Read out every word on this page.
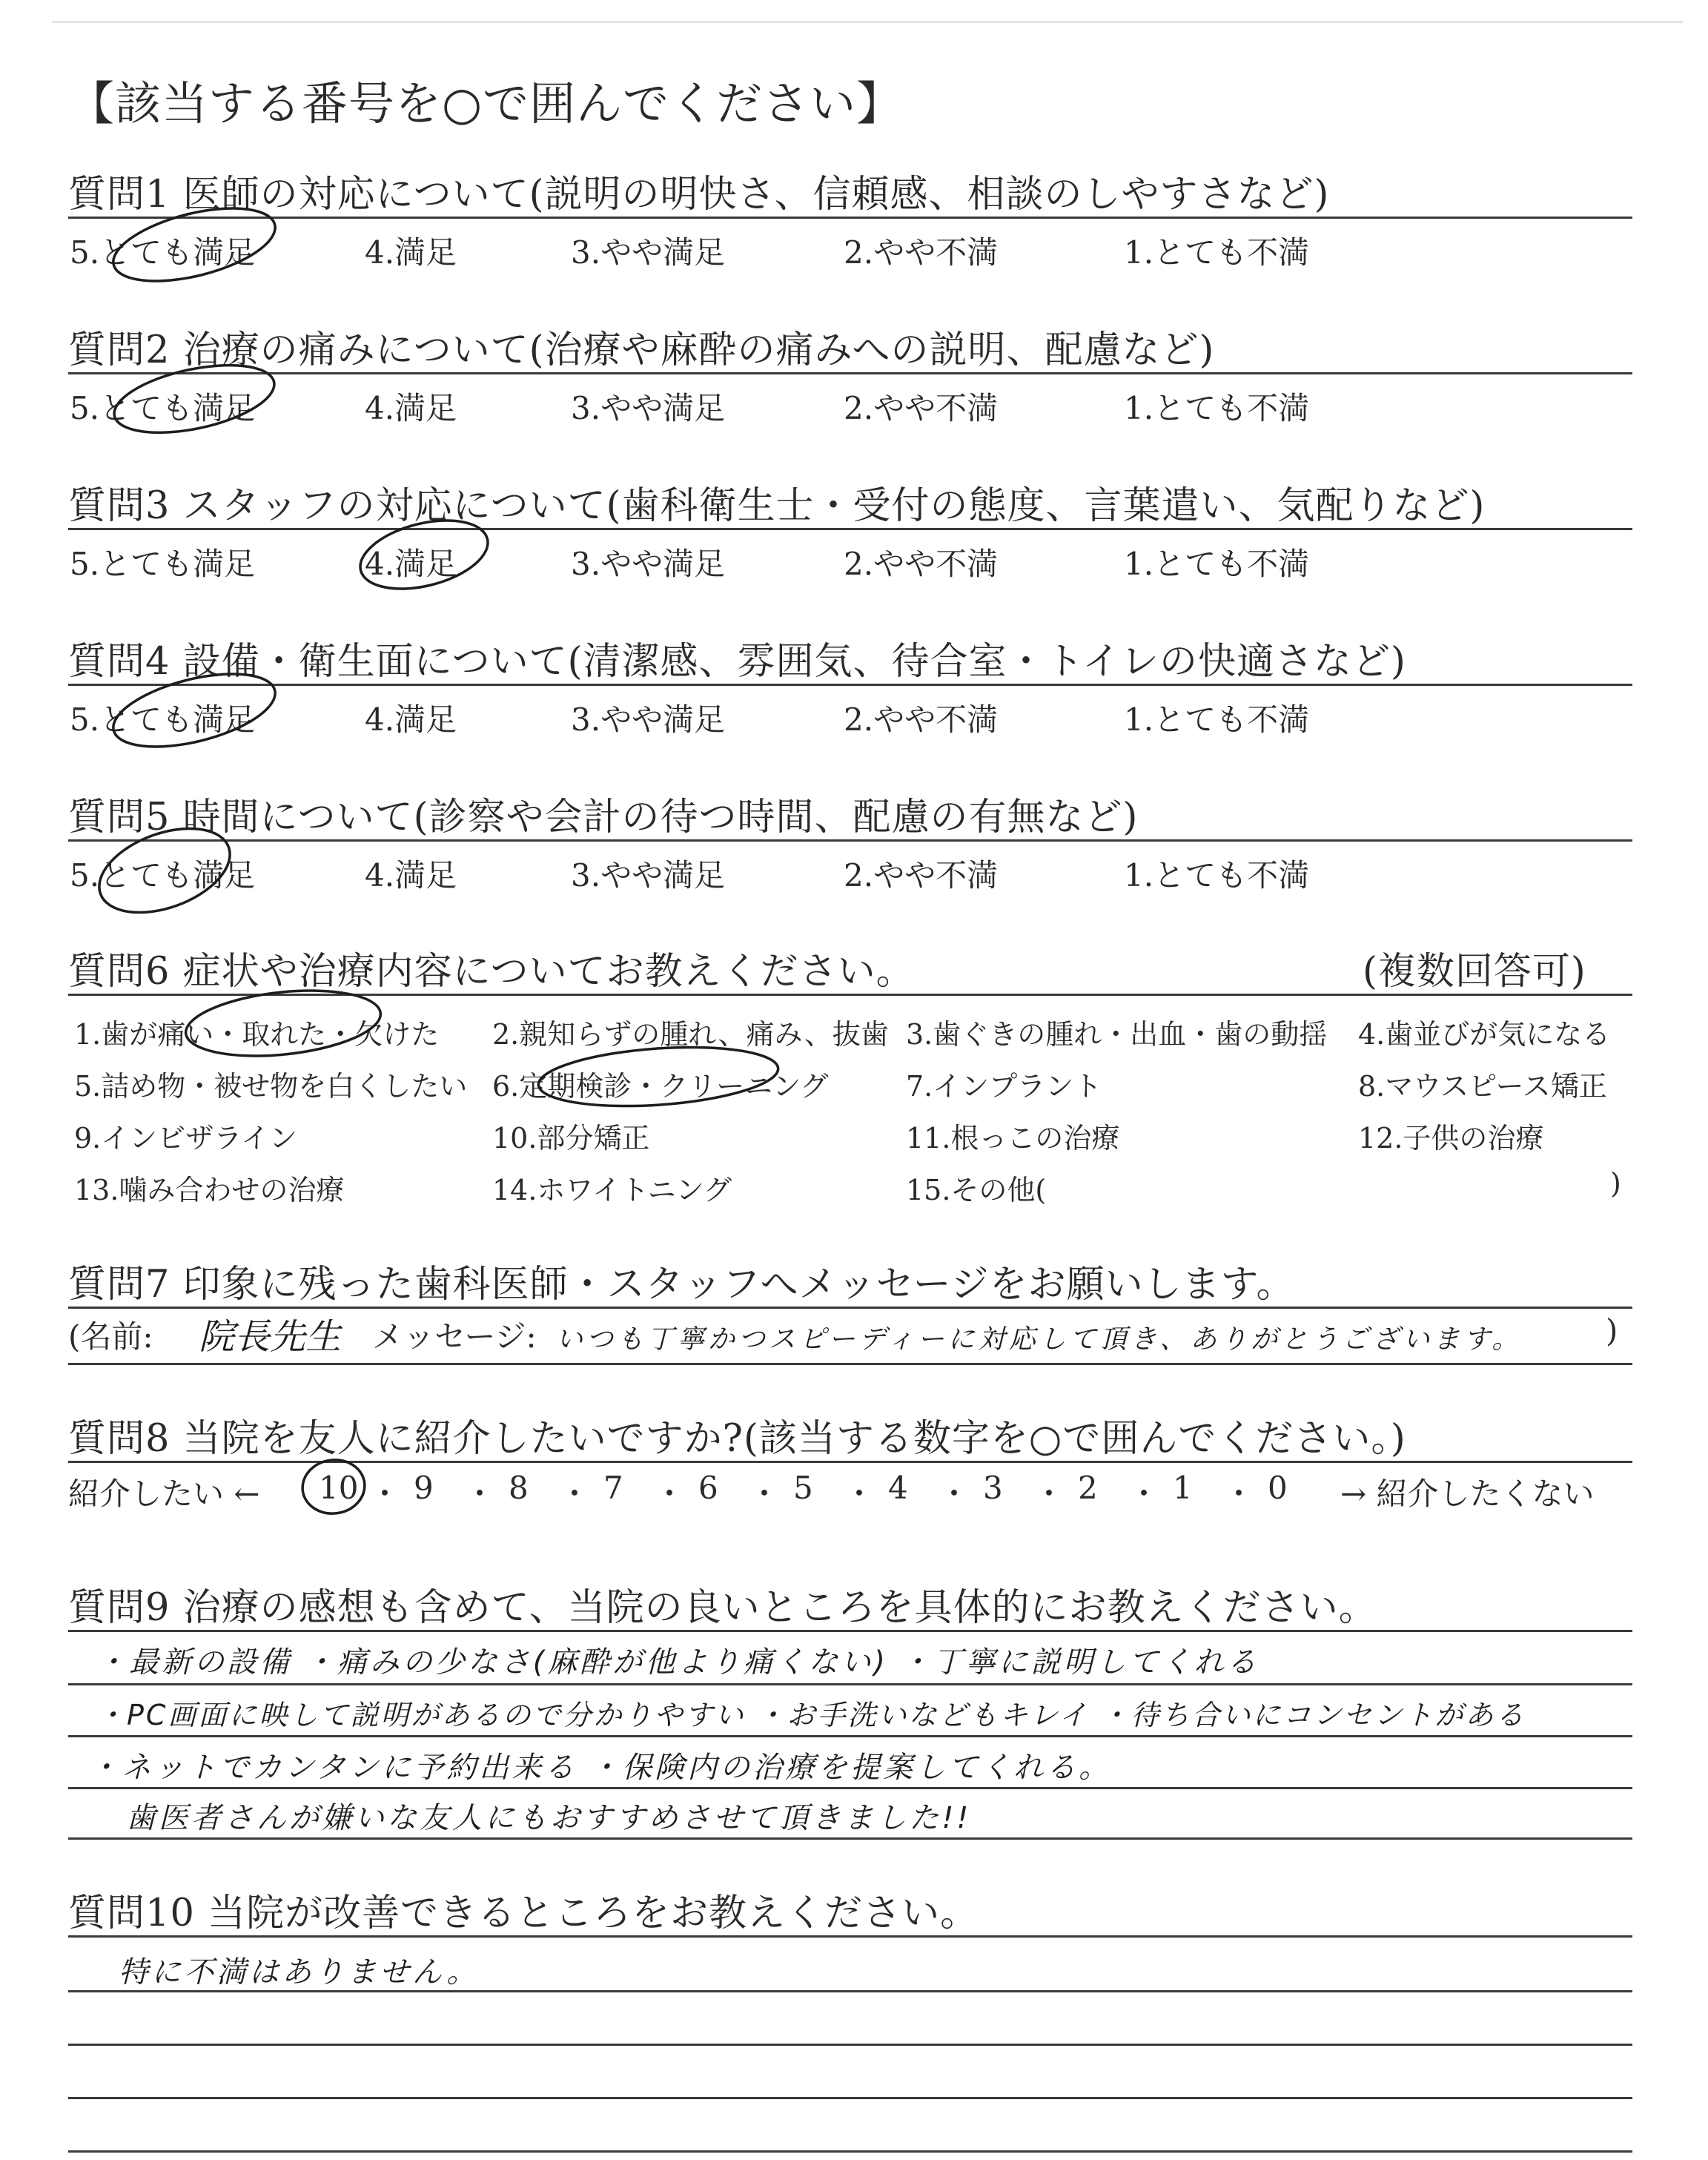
【該当する番号を○で囲んでください】
質問1 医師の対応について(説明の明快さ、信頼感、相談のしやすさなど)
5.とても満足	4.満足	3.やや満足	2.やや不満	1.とても不満
質問2 治療の痛みについて(治療や麻酔の痛みへの説明、配慮など)
5.とても満足	4.満足	3.やや満足	2.やや不満	1.とても不満
質問3 スタッフの対応について(歯科衛生士・受付の態度、言葉遣い、気配りなど)
5.とても満足	4.満足	3.やや満足	2.やや不満	1.とても不満
質問4 設備・衛生面について(清潔感、雰囲気、待合室・トイレの快適さなど)
5.とても満足	4.満足	3.やや満足	2.やや不満	1.とても不満
質問5 時間について(診察や会計の待つ時間、配慮の有無など)
5.とても満足	4.満足	3.やや満足	2.やや不満	1.とても不満
質問6 症状や治療内容についてお教えください。	(複数回答可)
1.歯が痛い・取れた・欠けた 2.親知らずの腫れ、痛み、抜歯 3.歯ぐきの腫れ・出血・歯の動揺 4.歯並びが気になる
5.詰め物・被せ物を白くしたい 6.定期検診・クリーニング	7.インプラント	8.マウスピース矯正
9.インビザライン	10.部分矯正	11.根っこの治療	12.子供の治療
13.噛み合わせの治療	14.ホワイトニング	15.その他(	)
質問7 印象に残った歯科医師・スタッフへメッセージをお願いします。
(名前: 院長先生 メッセージ: いつも丁寧かつスピーディーに対応して頂き、ありがとうございます。	)
質問8 当院を友人に紹介したいですか?(該当する数字を○で囲んでください。)
紹介したい ← 10 ・ 9 ・ 8 ・ 7 ・ 6 ・ 5 ・ 4 ・ 3 ・ 2 ・ 1 ・ 0 → 紹介したくない
質問9 治療の感想も含めて、当院の良いところを具体的にお教えください。
・最新の設備 ・痛みの少なさ(麻酔が他より痛くない) ・丁寧に説明してくれる
・PC画面に映して説明があるので分かりやすい ・お手洗いなどもキレイ ・待ち合いにコンセントがある
・ネットでカンタンに予約出来る ・保険内の治療を提案してくれる。
歯医者さんが嫌いな友人にもおすすめさせて頂きました!!
質問10 当院が改善できるところをお教えください。
特に不満はありません。
